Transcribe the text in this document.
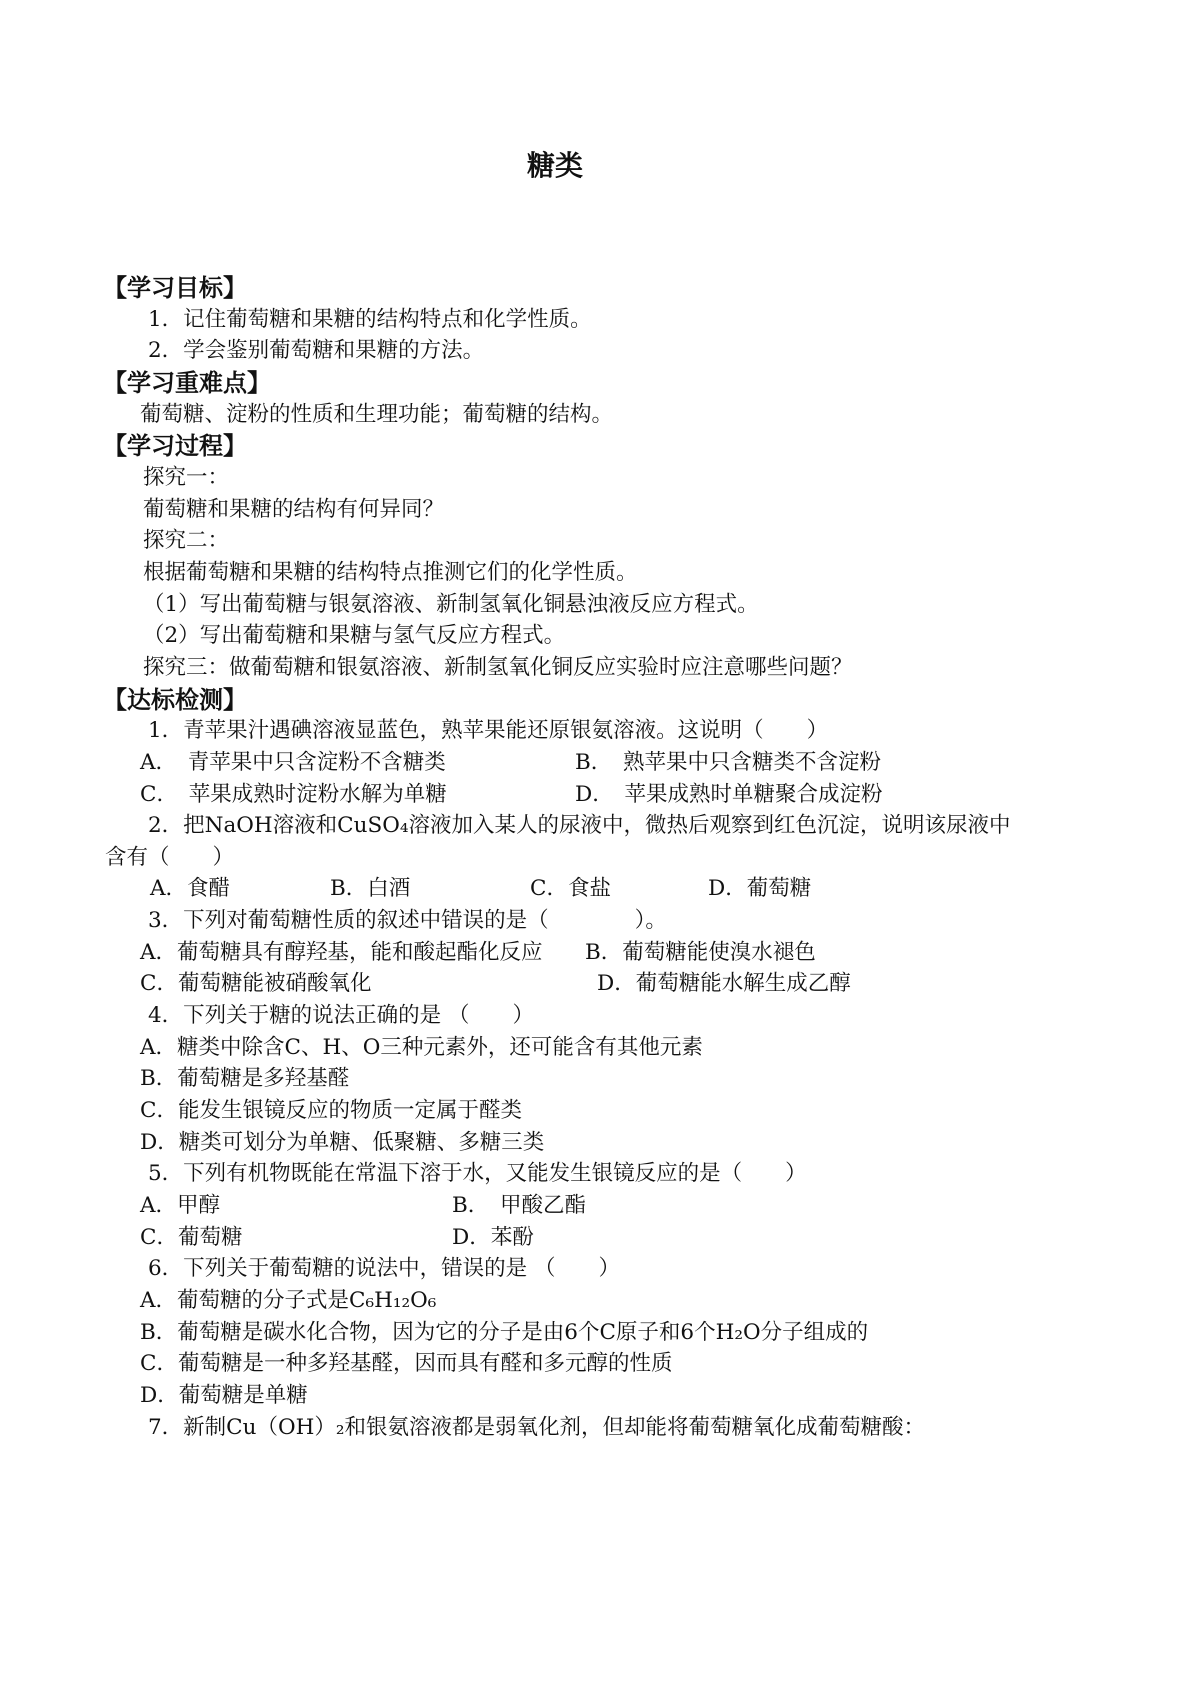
糖类
【学习目标】
1．记住葡萄糖和果糖的结构特点和化学性质。
2．学会鉴别葡萄糖和果糖的方法。
【学习重难点】
葡萄糖、淀粉的性质和生理功能；葡萄糖的结构。
【学习过程】
探究一：
葡萄糖和果糖的结构有何异同？
探究二：
根据葡萄糖和果糖的结构特点推测它们的化学性质。
（1）写出葡萄糖与银氨溶液、新制氢氧化铜悬浊液反应方程式。
（2）写出葡萄糖和果糖与氢气反应方程式。
探究三：做葡萄糖和银氨溶液、新制氢氧化铜反应实验时应注意哪些问题？
【达标检测】
1．青苹果汁遇碘溶液显蓝色，熟苹果能还原银氨溶液。这说明（　　）
A．　青苹果中只含淀粉不含糖类	B．　熟苹果中只含糖类不含淀粉
C．　苹果成熟时淀粉水解为单糖	D．　苹果成熟时单糖聚合成淀粉
2．把NaOH溶液和CuSO₄溶液加入某人的尿液中，微热后观察到红色沉淀，说明该尿液中
含有（　　）
A．食醋	B．白酒	C．食盐	D．葡萄糖
3．下列对葡萄糖性质的叙述中错误的是（　　　　）。
A．葡萄糖具有醇羟基，能和酸起酯化反应 B．葡萄糖能使溴水褪色
C．葡萄糖能被硝酸氧化	D．葡萄糖能水解生成乙醇
4．下列关于糖的说法正确的是 （　　）
A．糖类中除含C、H、O三种元素外，还可能含有其他元素
B．葡萄糖是多羟基醛
C．能发生银镜反应的物质一定属于醛类
D．糖类可划分为单糖、低聚糖、多糖三类
5．下列有机物既能在常温下溶于水，又能发生银镜反应的是（　　）
A．甲醇	B．　甲酸乙酯
C．葡萄糖	D．苯酚
6．下列关于葡萄糖的说法中，错误的是 （　　）
A．葡萄糖的分子式是C₆H₁₂O₆
B．葡萄糖是碳水化合物，因为它的分子是由6个C原子和6个H₂O分子组成的
C．葡萄糖是一种多羟基醛，因而具有醛和多元醇的性质
D．葡萄糖是单糖
7．新制Cu（OH）₂和银氨溶液都是弱氧化剂，但却能将葡萄糖氧化成葡萄糖酸：
